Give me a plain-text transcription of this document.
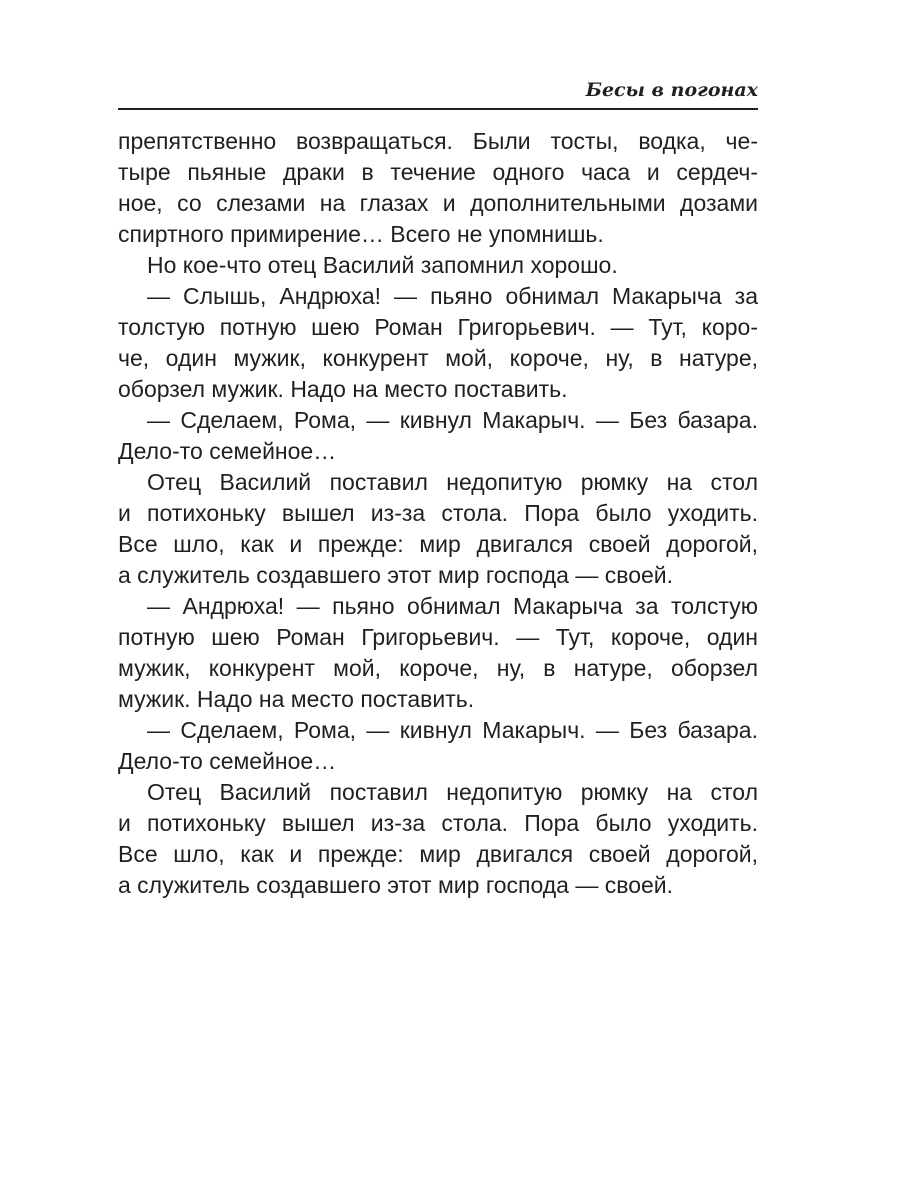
Бесы в погонах
препятственно возвращаться. Были тосты, водка, че-
тыре пьяные драки в течение одного часа и сердеч-
ное, со слезами на глазах и дополнительными дозами
спиртного примирение… Всего не упомнишь.
Но кое-что отец Василий запомнил хорошо.
— Слышь, Андрюха! — пьяно обнимал Макарыча за
толстую потную шею Роман Григорьевич. — Тут, коро-
че, один мужик, конкурент мой, короче, ну, в натуре,
оборзел мужик. Надо на место поставить.
— Сделаем, Рома, — кивнул Макарыч. — Без базара.
Дело-то семейное…
Отец Василий поставил недопитую рюмку на стол
и потихоньку вышел из-за стола. Пора было уходить.
Все шло, как и прежде: мир двигался своей дорогой,
а служитель создавшего этот мир господа — своей.
— Андрюха! — пьяно обнимал Макарыча за толстую
потную шею Роман Григорьевич. — Тут, короче, один
мужик, конкурент мой, короче, ну, в натуре, оборзел
мужик. Надо на место поставить.
— Сделаем, Рома, — кивнул Макарыч. — Без базара.
Дело-то семейное…
Отец Василий поставил недопитую рюмку на стол
и потихоньку вышел из-за стола. Пора было уходить.
Все шло, как и прежде: мир двигался своей дорогой,
а служитель создавшего этот мир господа — своей.
